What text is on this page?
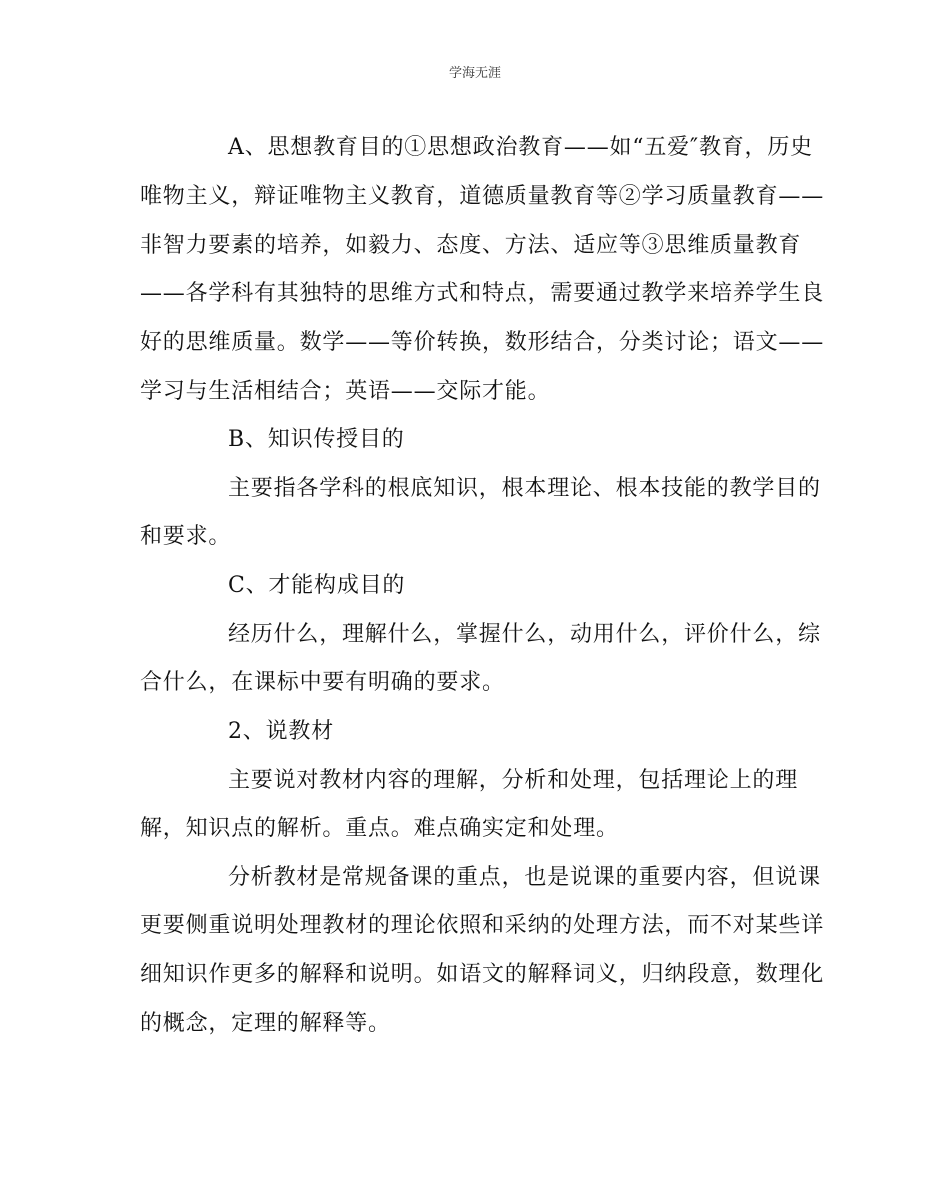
学海无涯
A、思想教育目的①思想政治教育——如“五爱″教育，历史
唯物主义，辩证唯物主义教育，道德质量教育等②学习质量教育——
非智力要素的培养，如毅力、态度、方法、适应等③思维质量教育
——各学科有其独特的思维方式和特点，需要通过教学来培养学生良
好的思维质量。数学——等价转换，数形结合，分类讨论；语文——
学习与生活相结合；英语——交际才能。
B、知识传授目的
主要指各学科的根底知识，根本理论、根本技能的教学目的
和要求。
C、才能构成目的
经历什么，理解什么，掌握什么，动用什么，评价什么，综
合什么，在课标中要有明确的要求。
2、说教材
主要说对教材内容的理解，分析和处理，包括理论上的理
解，知识点的解析。重点。难点确实定和处理。
分析教材是常规备课的重点，也是说课的重要内容，但说课
更要侧重说明处理教材的理论依照和采纳的处理方法，而不对某些详
细知识作更多的解释和说明。如语文的解释词义，归纳段意，数理化
的概念，定理的解释等。
